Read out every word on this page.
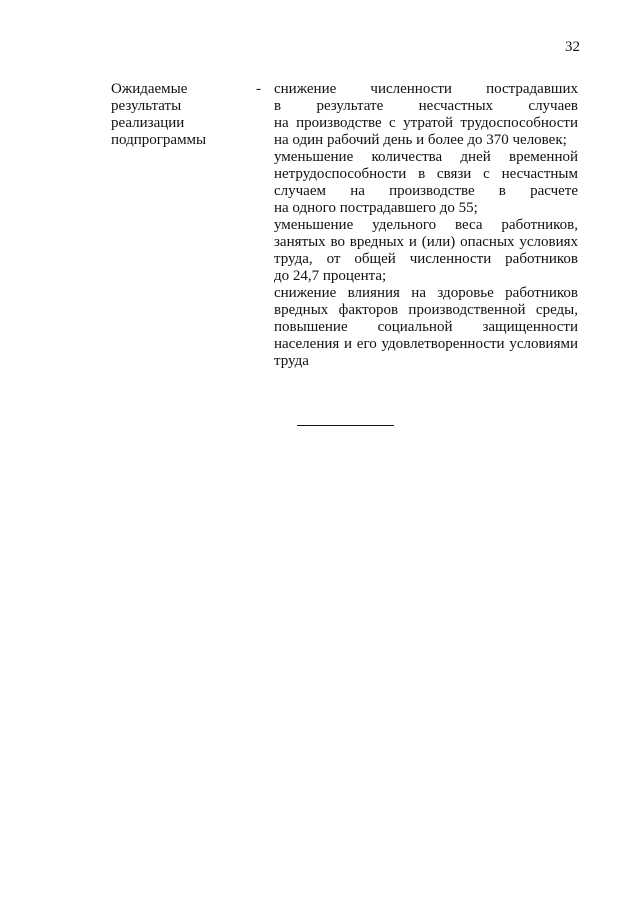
32
Ожидаемые
результаты
реализации
подпрограммы
- снижение численности пострадавших
в результате несчастных случаев
на производстве с утратой трудоспособности
на один рабочий день и более до 370 человек;
уменьшение количества дней временной
нетрудоспособности в связи с несчастным
случаем на производстве в расчете
на одного пострадавшего до 55;
уменьшение удельного веса работников,
занятых во вредных и (или) опасных условиях
труда, от общей численности работников
до 24,7 процента;
снижение влияния на здоровье работников
вредных факторов производственной среды,
повышение социальной защищенности
населения и его удовлетворенности условиями
труда
